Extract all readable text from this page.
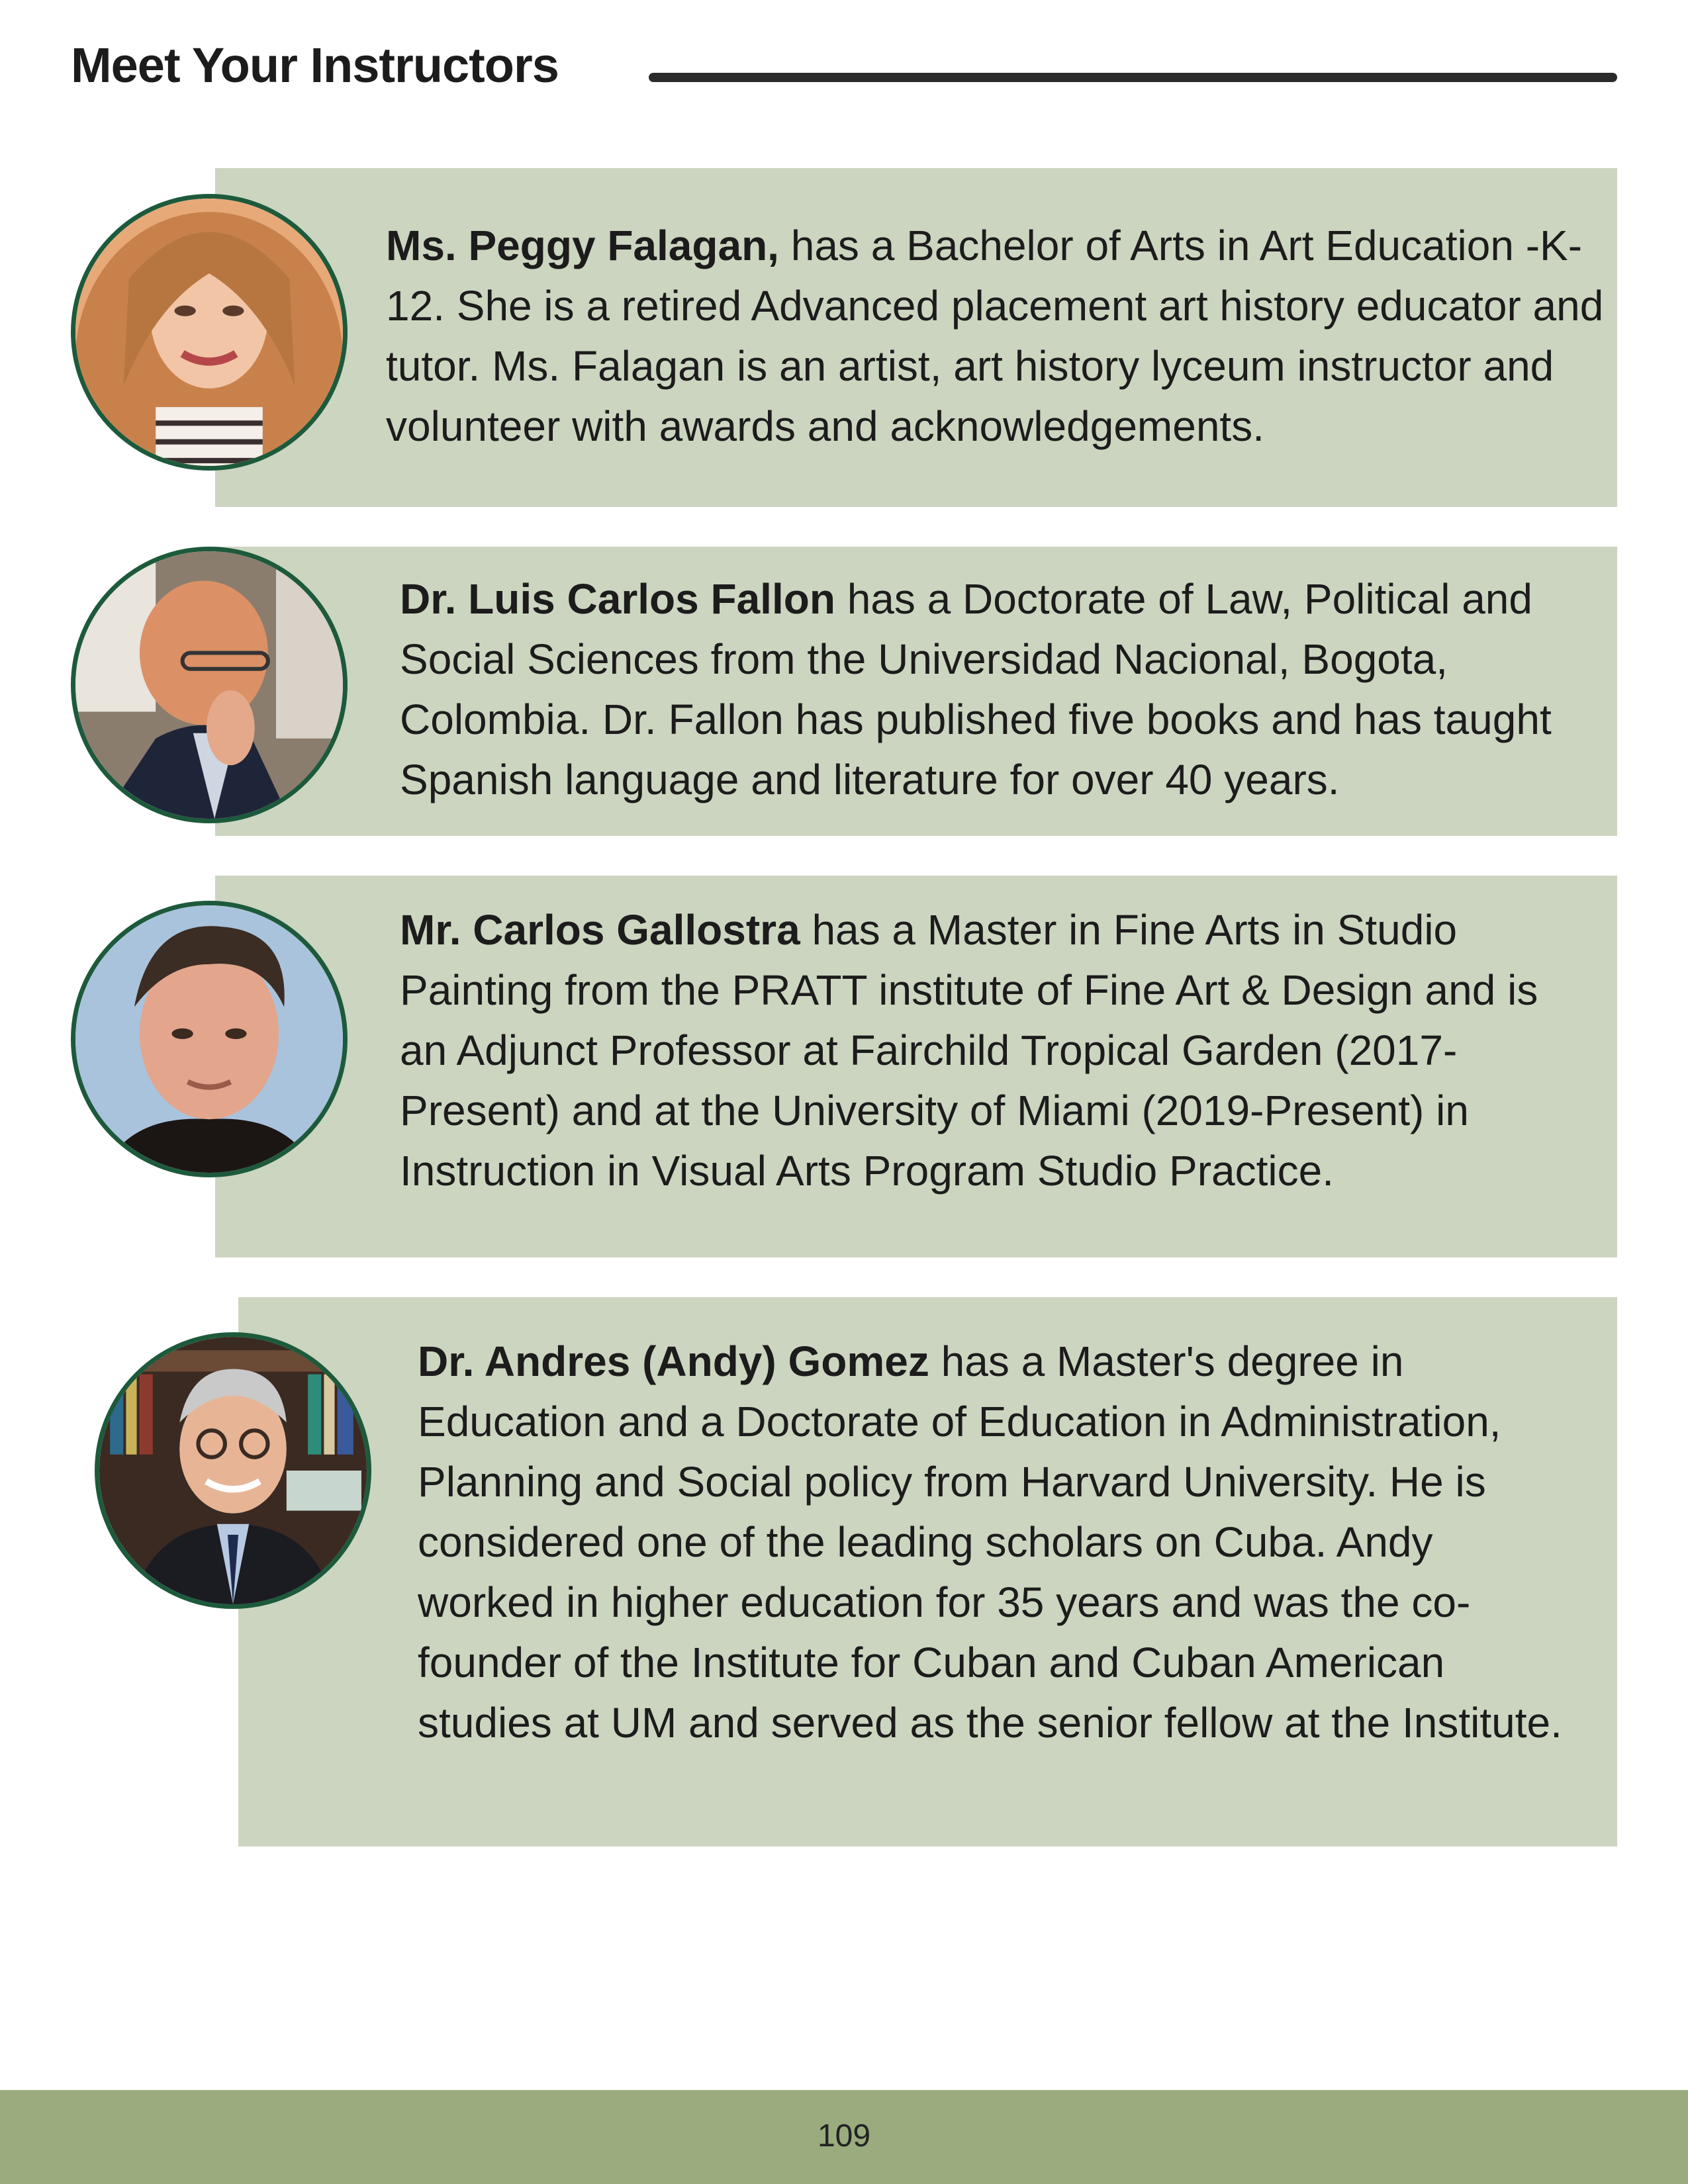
Meet Your Instructors

Ms. Peggy Falagan, has a Bachelor of Arts in Art Education -K-12. She is a retired Advanced placement art history educator and tutor. Ms. Falagan is an artist, art history lyceum instructor and volunteer with awards and acknowledgements.

Dr. Luis Carlos Fallon has a Doctorate of Law, Political and Social Sciences from the Universidad Nacional, Bogota, Colombia. Dr. Fallon has published five books and has taught Spanish language and literature for over 40 years.

Mr. Carlos Gallostra has a Master in Fine Arts in Studio Painting from the PRATT institute of Fine Art & Design and is an Adjunct Professor at Fairchild Tropical Garden (2017-Present) and at the University of Miami (2019-Present) in Instruction in Visual Arts Program Studio Practice.

Dr. Andres (Andy) Gomez has a Master's degree in Education and a Doctorate of Education in Administration, Planning and Social policy from Harvard University. He is considered one of the leading scholars on Cuba. Andy worked in higher education for 35 years and was the co-founder of the Institute for Cuban and Cuban American studies at UM and served as the senior fellow at the Institute.

109
